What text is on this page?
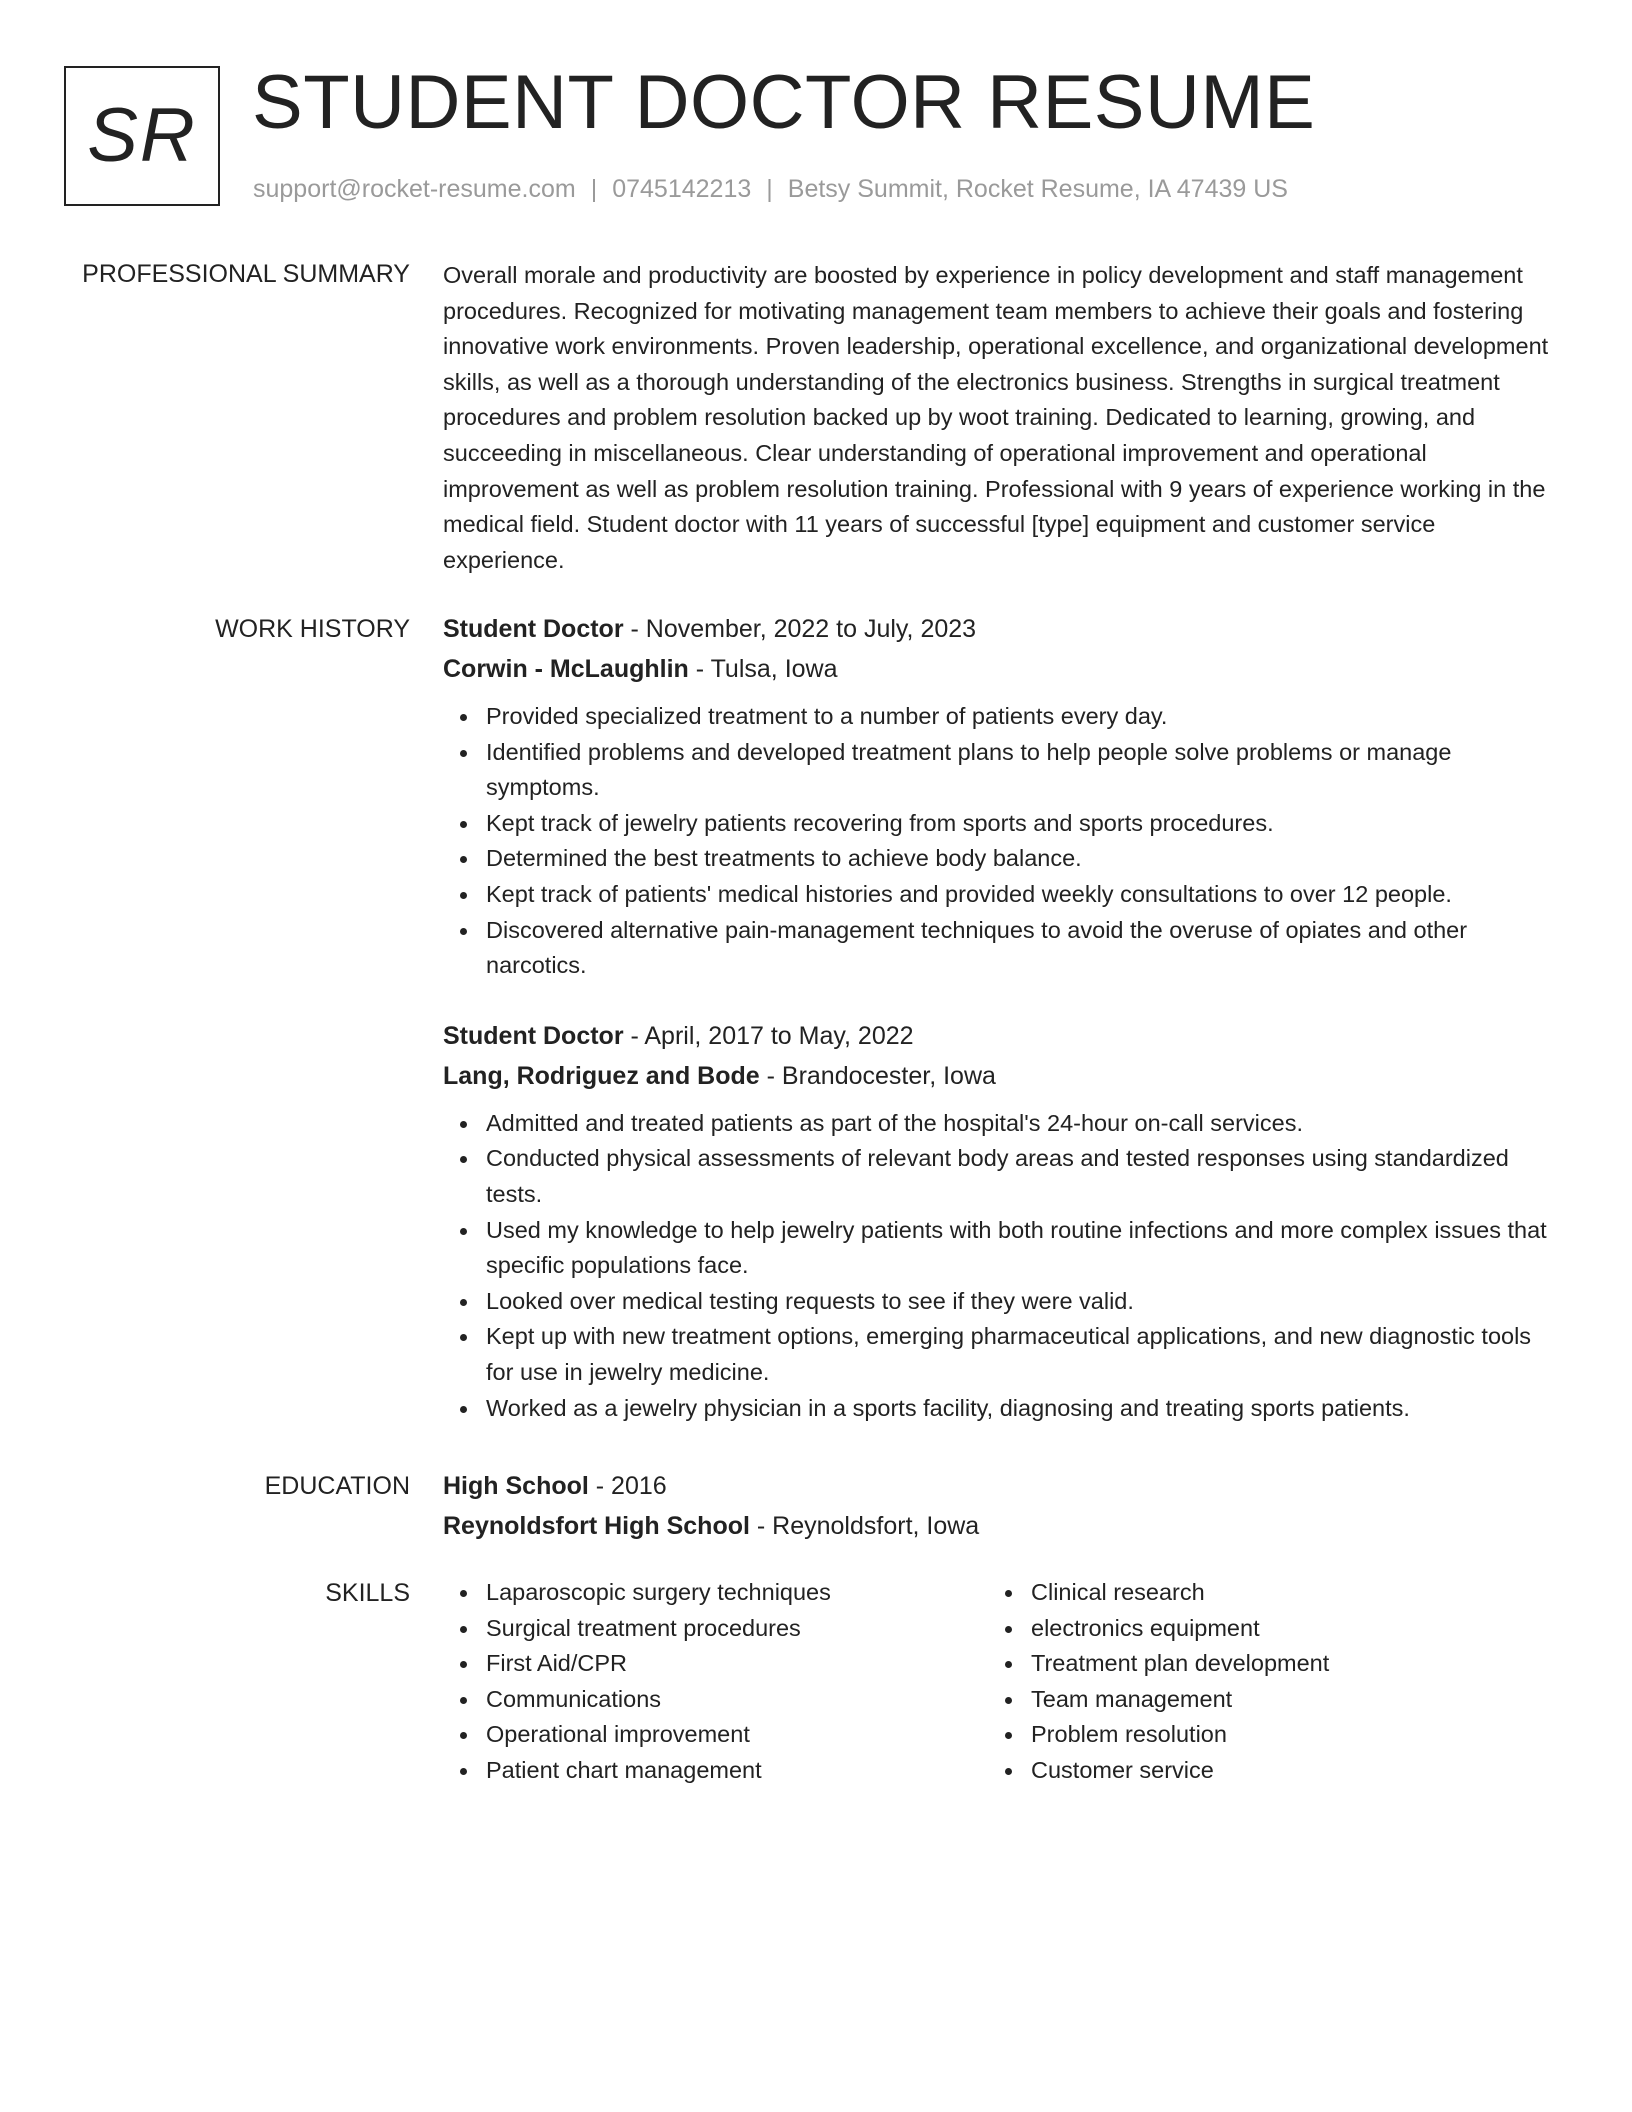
SR STUDENT DOCTOR RESUME
support@rocket-resume.com | 0745142213 | Betsy Summit, Rocket Resume, IA 47439 US
PROFESSIONAL SUMMARY Overall morale and productivity are boosted by experience in policy development and staff management procedures. Recognized for motivating management team members to achieve their goals and fostering innovative work environments. Proven leadership, operational excellence, and organizational development skills, as well as a thorough understanding of the electronics business. Strengths in surgical treatment procedures and problem resolution backed up by woot training. Dedicated to learning, growing, and succeeding in miscellaneous. Clear understanding of operational improvement and operational improvement as well as problem resolution training. Professional with 9 years of experience working in the medical field. Student doctor with 11 years of successful [type] equipment and customer service experience.

WORK HISTORY Student Doctor - November, 2022 to July, 2023
Corwin - McLaughlin - Tulsa, Iowa
Provided specialized treatment to a number of patients every day.
Identified problems and developed treatment plans to help people solve problems or manage symptoms.
Kept track of jewelry patients recovering from sports and sports procedures.
Determined the best treatments to achieve body balance.
Kept track of patients' medical histories and provided weekly consultations to over 12 people.
Discovered alternative pain-management techniques to avoid the overuse of opiates and other narcotics.
Student Doctor - April, 2017 to May, 2022
Lang, Rodriguez and Bode - Brandocester, Iowa
Admitted and treated patients as part of the hospital's 24-hour on-call services.
Conducted physical assessments of relevant body areas and tested responses using standardized tests.
Used my knowledge to help jewelry patients with both routine infections and more complex issues that specific populations face.
Looked over medical testing requests to see if they were valid.
Kept up with new treatment options, emerging pharmaceutical applications, and new diagnostic tools for use in jewelry medicine.
Worked as a jewelry physician in a sports facility, diagnosing and treating sports patients.
EDUCATION High School - 2016
Reynoldsfort High School - Reynoldsfort, Iowa
SKILLS	Laparoscopic surgery techniques
Surgical treatment procedures
First Aid/CPR
Communications
Operational improvement
Patient chart management
Clinical research
electronics equipment
Treatment plan development
Team management
Problem resolution
Customer service
